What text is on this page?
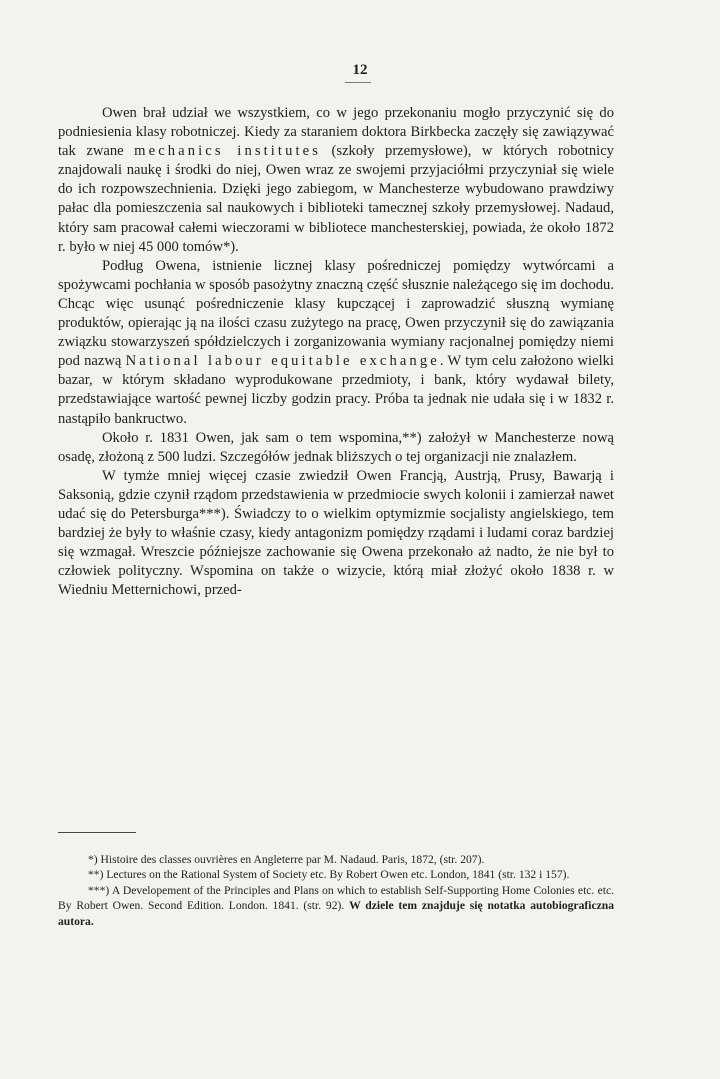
12

Owen brał udział we wszystkiem, co w jego przekonaniu mogło przyczynić się do podniesienia klasy robotniczej. Kiedy za staraniem doktora Birkbecka zaczęły się zawiązywać tak zwane mechanics institutes (szkoły przemysłowe), w których robotnicy znajdowali naukę i środki do niej, Owen wraz ze swojemi przyjaciółmi przyczyniał się wiele do ich rozpowszechnienia. Dzięki jego zabiegom, w Manchesterze wybudowano prawdziwy pałac dla pomieszczenia sal naukowych i biblioteki tamecznej szkoły przemysłowej. Nadaud, który sam pracował całemi wieczorami w bibliotece manchesterskiej, powiada, że około 1872 r. było w niej 45 000 tomów*).

Podług Owena, istnienie licznej klasy pośredniczej pomiędzy wytwórcami a spożywcami pochłania w sposób pasożytny znaczną część słusznie należącego się im dochodu. Chcąc więc usunąć pośredniczenie klasy kupczącej i zaprowadzić słuszną wymianę produktów, opierając ją na ilości czasu zużytego na pracę, Owen przyczynił się do zawiązania związku stowarzyszeń spółdzielczych i zorganizowania wymiany racjonalnej pomiędzy niemi pod nazwą National labour equitable exchange. W tym celu założono wielki bazar, w którym składano wyprodukowane przedmioty, i bank, który wydawał bilety, przedstawiające wartość pewnej liczby godzin pracy. Próba ta jednak nie udała się i w 1832 r. nastąpiło bankructwo.

Około r. 1831 Owen, jak sam o tem wspomina,**) założył w Manchesterze nową osadę, złożoną z 500 ludzi. Szczegółów jednak bliższych o tej organizacji nie znalazłem.

W tymże mniej więcej czasie zwiedził Owen Francją, Austrją, Prusy, Bawarją i Saksonią, gdzie czynił rządom przedstawienia w przedmiocie swych kolonii i zamierzał nawet udać się do Petersburga***). Świadczy to o wielkim optymizmie socjalisty angielskiego, tem bardziej że były to właśnie czasy, kiedy antagonizm pomiędzy rządami i ludami coraz bardziej się wzmagał. Wreszcie późniejsze zachowanie się Owena przekonało aż nadto, że nie był to człowiek polityczny. Wspomina on także o wizycie, którą miał złożyć około 1838 r. w Wiedniu Metternichowi, przed-

*) Histoire des classes ouvrières en Angleterre par M. Nadaud. Paris, 1872, (str. 207).

**) Lectures on the Rational System of Society etc. By Robert Owen etc. London, 1841 (str. 132 i 157).

***) A Developement of the Principles and Plans on which to establish Self-Supporting Home Colonies etc. etc. By Robert Owen. Second Edition. London. 1841. (str. 92). W dziele tem znajduje się notatka autobiograficzna autora.
